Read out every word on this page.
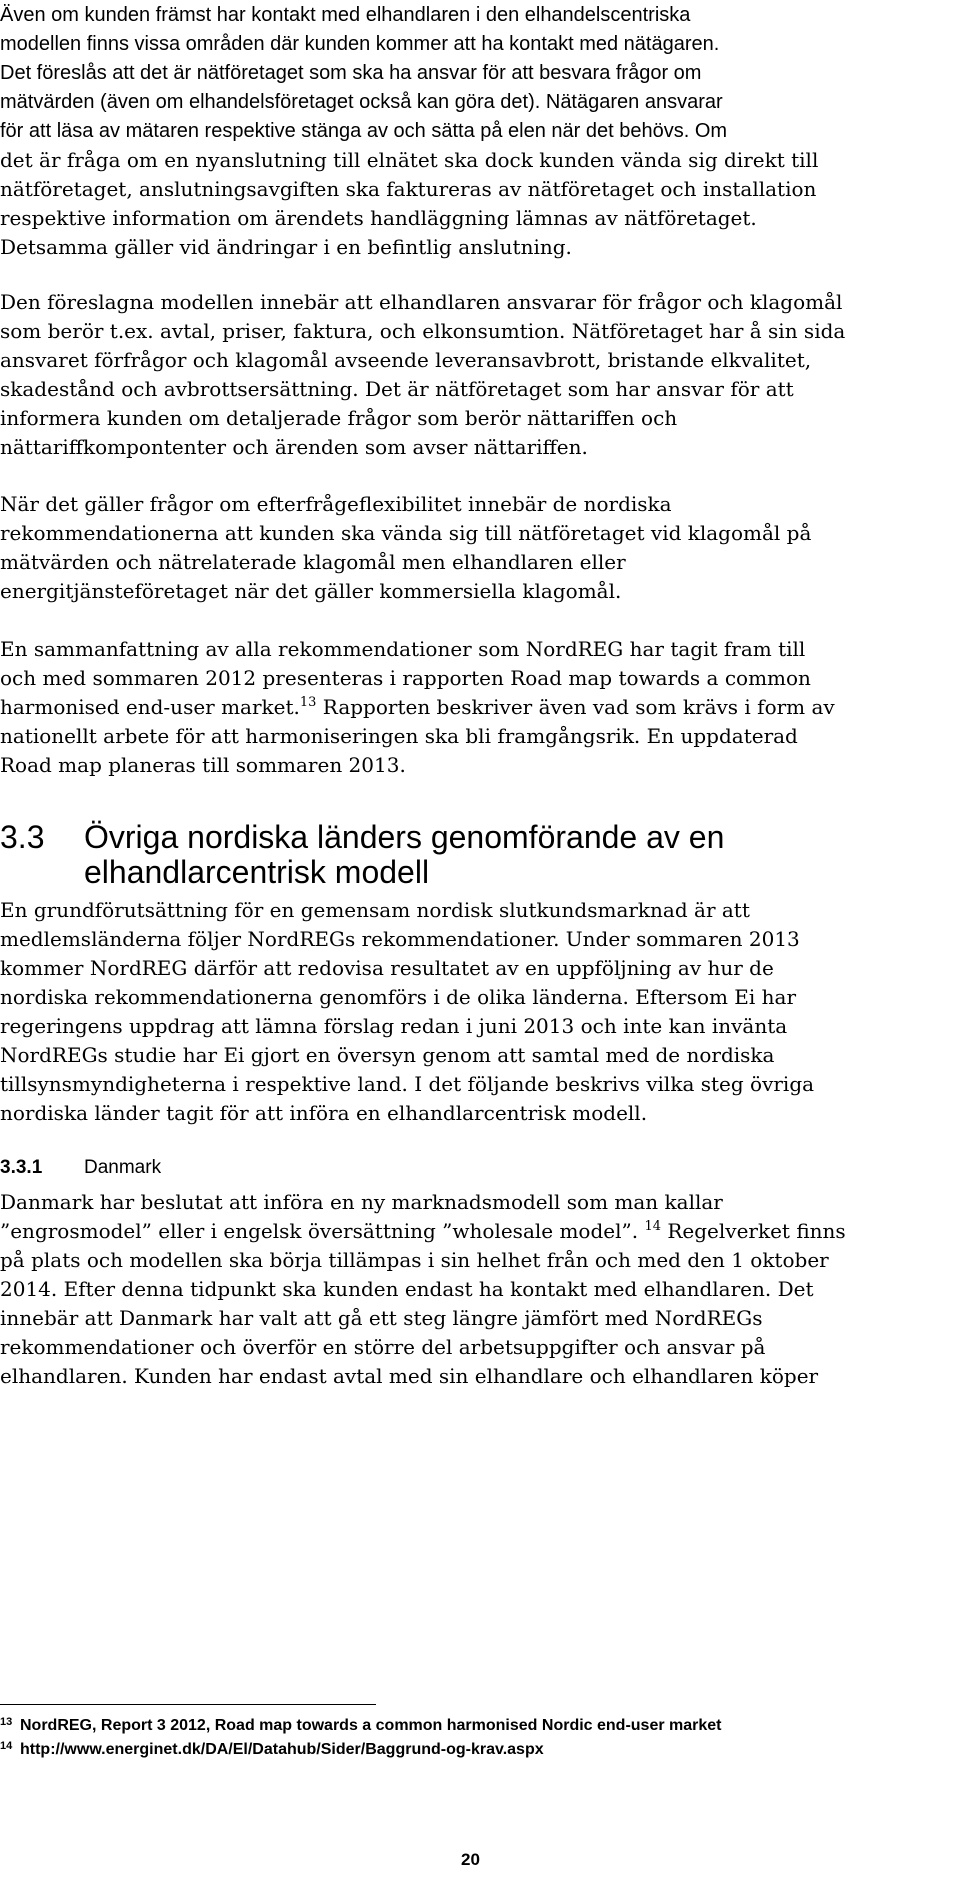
Även om kunden främst har kontakt med elhandlaren i den elhandelscentriska
modellen finns vissa områden där kunden kommer att ha kontakt med nätägaren.
Det föreslås att det är nätföretaget som ska ha ansvar för att besvara frågor om
mätvärden (även om elhandelsföretaget också kan göra det). Nätägaren ansvarar
för att läsa av mätaren respektive stänga av och sätta på elen när det behövs. Om
det är fråga om en nyanslutning till elnätet ska dock kunden vända sig direkt till
nätföretaget, anslutningsavgiften ska faktureras av nätföretaget och installation
respektive information om ärendets handläggning lämnas av nätföretaget.
Detsamma gäller vid ändringar i en befintlig anslutning.
Den föreslagna modellen innebär att elhandlaren ansvarar för frågor och klagomål
som berör t.ex. avtal, priser, faktura, och elkonsumtion. Nätföretaget har å sin sida
ansvaret förfrågor och klagomål avseende leveransavbrott, bristande elkvalitet,
skadestånd och avbrottsersättning. Det är nätföretaget som har ansvar för att
informera kunden om detaljerade frågor som berör nättariffen och
nättariffkompontenter och ärenden som avser nättariffen.
När det gäller frågor om efterfrågeflexibilitet innebär de nordiska
rekommendationerna att kunden ska vända sig till nätföretaget vid klagomål på
mätvärden och nätrelaterade klagomål men elhandlaren eller
energitjänsteföretaget när det gäller kommersiella klagomål.
En sammanfattning av alla rekommendationer som NordREG har tagit fram till
och med sommaren 2012 presenteras i rapporten Road map towards a common
harmonised end-user market.$^{13}$ Rapporten beskriver även vad som krävs i form av
nationellt arbete för att harmoniseringen ska bli framgångsrik. En uppdaterad
Road map planeras till sommaren 2013.
3.3 Övriga nordiska länders genomförande av en
elhandlarcentrisk modell
En grundförutsättning för en gemensam nordisk slutkundsmarknad är att
medlemsländerna följer NordREGs rekommendationer. Under sommaren 2013
kommer NordREG därför att redovisa resultatet av en uppföljning av hur de
nordiska rekommendationerna genomförs i de olika länderna. Eftersom Ei har
regeringens uppdrag att lämna förslag redan i juni 2013 och inte kan invänta
NordREGs studie har Ei gjort en översyn genom att samtal med de nordiska
tillsynsmyndigheterna i respektive land. I det följande beskrivs vilka steg övriga
nordiska länder tagit för att införa en elhandlarcentrisk modell.
3.3.1 Danmark
Danmark har beslutat att införa en ny marknadsmodell som man kallar
”engrosmodel” eller i engelsk översättning ”wholesale model”. $^{14}$ Regelverket finns
på plats och modellen ska börja tillämpas i sin helhet från och med den 1 oktober
2014. Efter denna tidpunkt ska kunden endast ha kontakt med elhandlaren. Det
innebär att Danmark har valt att gå ett steg längre jämfört med NordREGs
rekommendationer och överför en större del arbetsuppgifter och ansvar på
elhandlaren. Kunden har endast avtal med sin elhandlare och elhandlaren köper
13 NordREG, Report 3 2012, Road map towards a common harmonised Nordic end-user market
14 http://www.energinet.dk/DA/El/Datahub/Sider/Baggrund-og-krav.aspx
20
